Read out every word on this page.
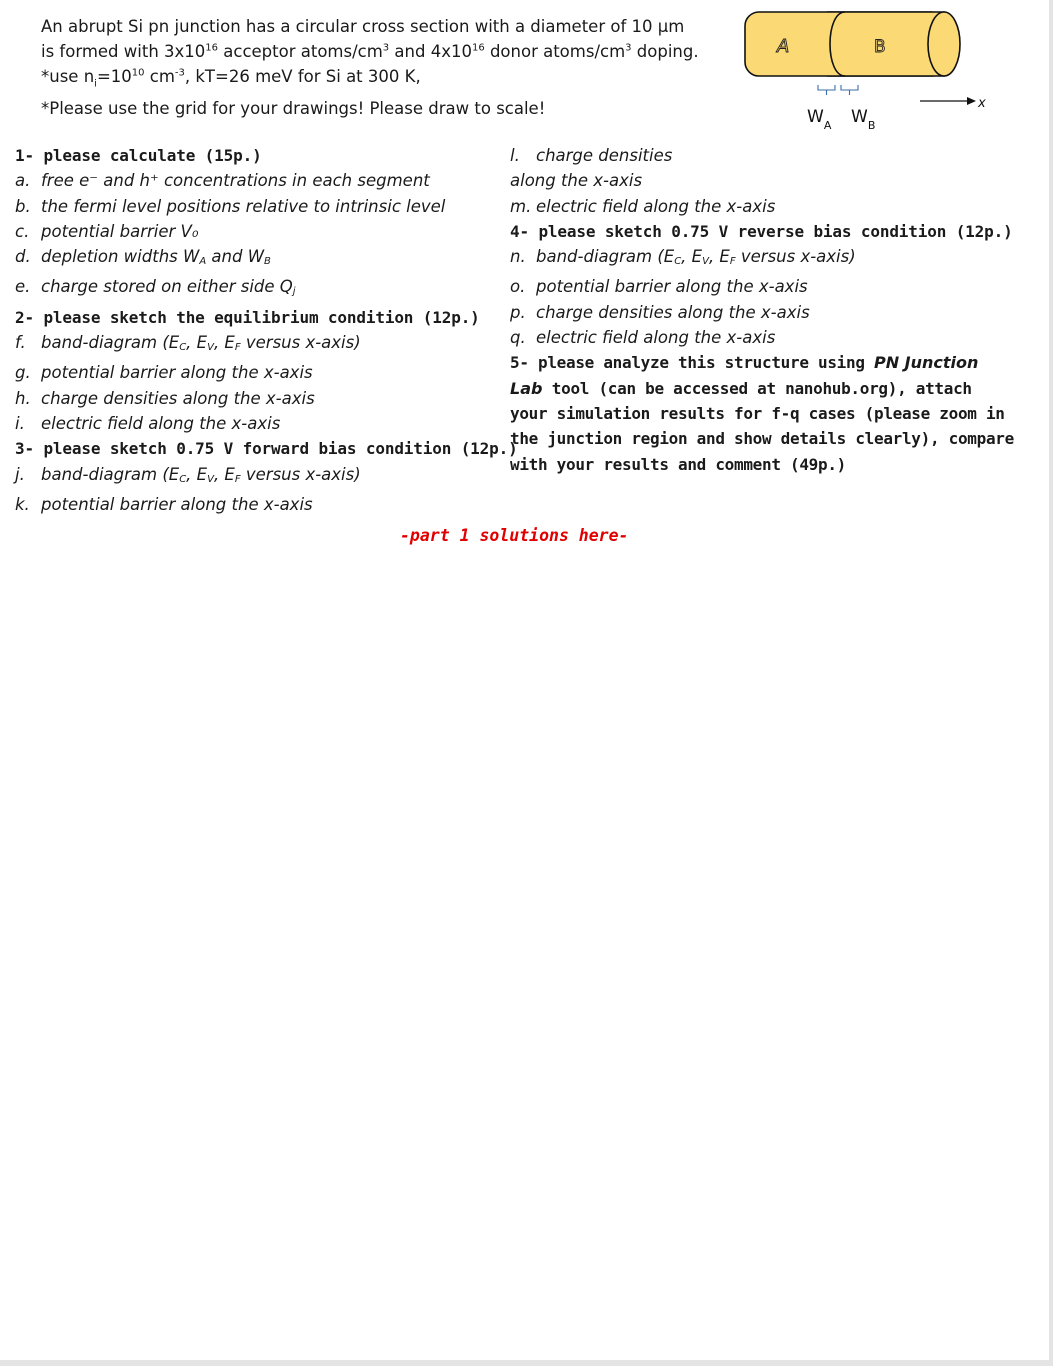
An abrupt Si pn junction has a circular cross section with a diameter of 10 μm
is formed with $3x10^{16}$ acceptor atoms/$cm^3$ and $4x10^{16}$ donor atoms/$cm^3$ doping.
*use $n_i=10^{10}$ $cm^{-3}$, kT=26 meV for Si at 300 K,
*Please use the grid for your drawings! Please draw to scale!
A	B
$W_A$ $W_B$
x
1- please calculate (15p.)
a. free e⁻ and h⁺ concentrations in each segment
b. the fermi level positions relative to intrinsic level
c. potential barrier V₀
d. depletion widths $W_A$ and $W_B$
e. charge stored on either side $Q_j$
2- please sketch the equilibrium condition (12p.)
f. band-diagram ($E_C$, $E_V$, $E_F$ versus x-axis)
g. potential barrier along the x-axis
h. charge densities along the x-axis
i. electric field along the x-axis
3- please sketch 0.75 V forward bias condition (12p.)
j. band-diagram ($E_C$, $E_V$, $E_F$ versus x-axis)
k. potential barrier along the x-axis
l. charge densities
along the x-axis
m. electric field along the x-axis
4- please sketch 0.75 V reverse bias condition (12p.)
n. band-diagram ($E_C$, $E_V$, $E_F$ versus x-axis)
o. potential barrier along the x-axis
p. charge densities along the x-axis
q. electric field along the x-axis
5- please analyze this structure using PN Junction
Lab tool (can be accessed at nanohub.org), attach
your simulation results for f-q cases (please zoom in
the junction region and show details clearly), compare
with your results and comment (49p.)
-part 1 solutions here-
